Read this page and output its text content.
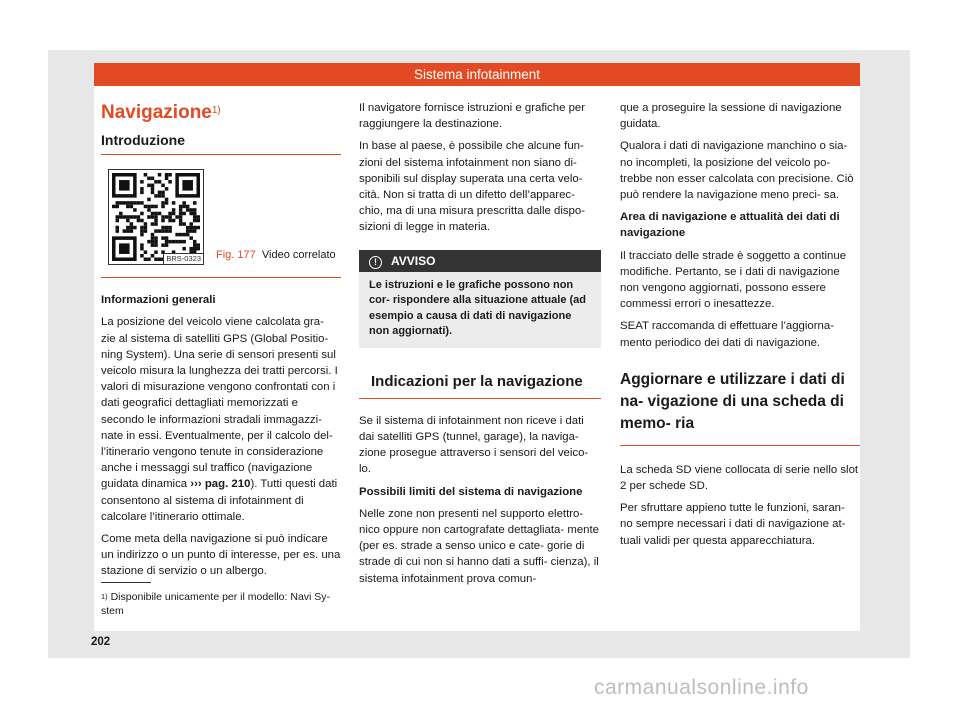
Sistema infotainment
Navigazione$^{1)}$
Introduzione
BRS-0323 Fig. 177 Video correlato

Informazioni generali

La posizione del veicolo viene calcolata gra- zie al sistema di satelliti GPS (Global Positio- ning System). Una serie di sensori presenti sul veicolo misura la lunghezza dei tratti percorsi. I valori di misurazione vengono confrontati con i dati geografici dettagliati memorizzati e secondo le informazioni stradali immagazzi- nate in essi. Eventualmente, per il calcolo del- l’itinerario vengono tenute in considerazione anche i messaggi sul traffico (navigazione guidata dinamica ››› pag. 210). Tutti questi dati consentono al sistema di infotainment di calcolare l’itinerario ottimale.

Come meta della navigazione si può indicare un indirizzo o un punto di interesse, per es. una stazione di servizio o un albergo.

Il navigatore fornisce istruzioni e grafiche per raggiungere la destinazione.

In base al paese, è possibile che alcune fun- zioni del sistema infotainment non siano di- sponibili sul display superata una certa velo- cità. Non si tratta di un difetto dell’apparec- chio, ma di una misura prescritta dalle dispo- sizioni di legge in materia.

! AVVISO
Le istruzioni e le grafiche possono non cor- rispondere alla situazione attuale (ad esempio a causa di dati di navigazione non aggiornati).
Indicazioni per la navigazione

Se il sistema di infotainment non riceve i dati dai satelliti GPS (tunnel, garage), la naviga- zione prosegue attraverso i sensori del veico- lo.

Possibili limiti del sistema di navigazione

Nelle zone non presenti nel supporto elettro- nico oppure non cartografate dettagliata- mente (per es. strade a senso unico e cate- gorie di strade di cui non si hanno dati a suffi- cienza), il sistema infotainment prova comun-

que a proseguire la sessione di navigazione guidata.

Qualora i dati di navigazione manchino o sia- no incompleti, la posizione del veicolo po- trebbe non esser calcolata con precisione. Ciò può rendere la navigazione meno preci- sa.

Area di navigazione e attualità dei dati di navigazione

Il tracciato delle strade è soggetto a continue modifiche. Pertanto, se i dati di navigazione non vengono aggiornati, possono essere commessi errori o inesattezze.

SEAT raccomanda di effettuare l’aggiorna- mento periodico dei dati di navigazione.

Aggiornare e utilizzare i dati di na- vigazione di una scheda di memo- ria

La scheda SD viene collocata di serie nello slot 2 per schede SD.

Per sfruttare appieno tutte le funzioni, saran- no sempre necessari i dati di navigazione at- tuali validi per questa apparecchiatura.

$^{1)}$ Disponibile unicamente per il modello: Navi Sy- stem
202
carmanualsonline.info
